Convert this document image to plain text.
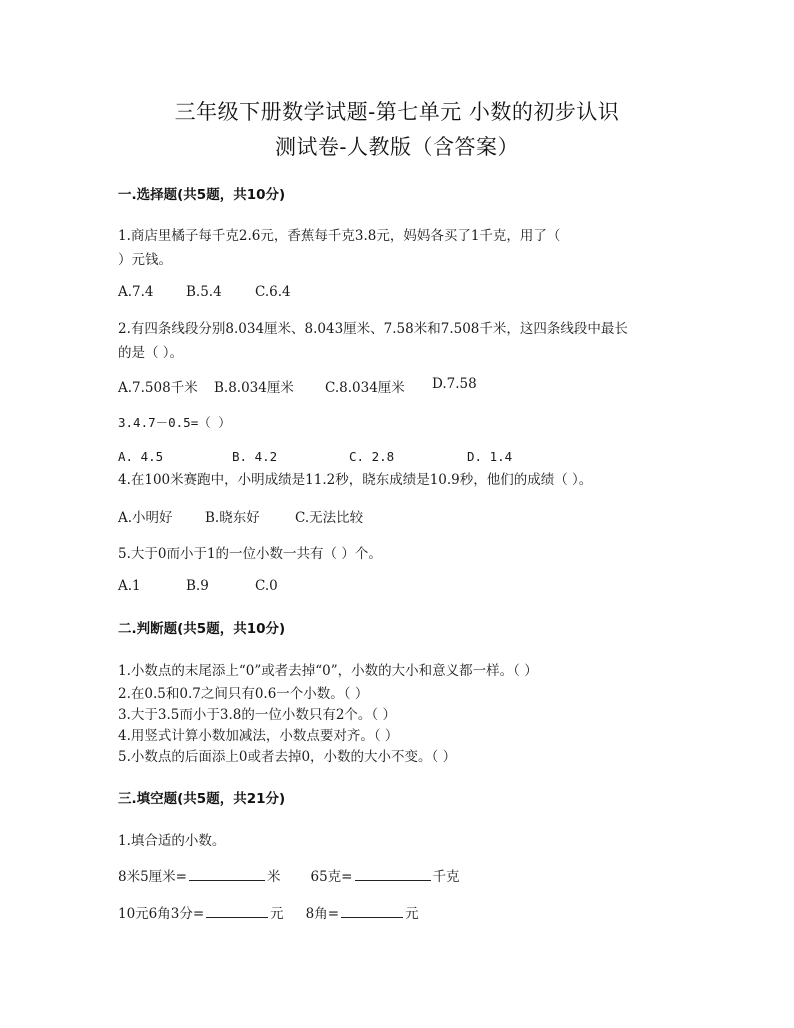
三年级下册数学试题-第七单元 小数的初步认识
测试卷-人教版（含答案）
一.选择题(共5题，共10分)
1.商店里橘子每千克2.6元，香蕉每千克3.8元，妈妈各买了1千克，用了（
）元钱。
A.7.4 B.5.4 C.6.4
2.有四条线段分别8.034厘米、8.043厘米、7.58米和7.508千米，这四条线段中最长
的是（ ）。
A.7.508千米 B.8.034厘米 C.8.034厘米 D.7.58
3.4.7－0.5=（ ）
A. 4.5	B. 4.2	C. 2.8	D. 1.4
4.在100米赛跑中，小明成绩是11.2秒，晓东成绩是10.9秒，他们的成绩（ ）。
A.小明好 B.晓东好	C.无法比较
5.大于0而小于1的一位小数一共有（ ）个。
A.1	B.9	C.0
二.判断题(共5题，共10分)
1.小数点的末尾添上“0”或者去掉“0”，小数的大小和意义都一样。（ ）
2.在0.5和0.7之间只有0.6一个小数。（ ）
3.大于3.5而小于3.8的一位小数只有2个。（ ）
4.用竖式计算小数加减法，小数点要对齐。（ ）
5.小数点的后面添上0或者去掉0，小数的大小不变。（ ）
三.填空题(共5题，共21分)
1.填合适的小数。
8米5厘米=	米 65克=	千克
10元6角3分=	元 8角=	元
